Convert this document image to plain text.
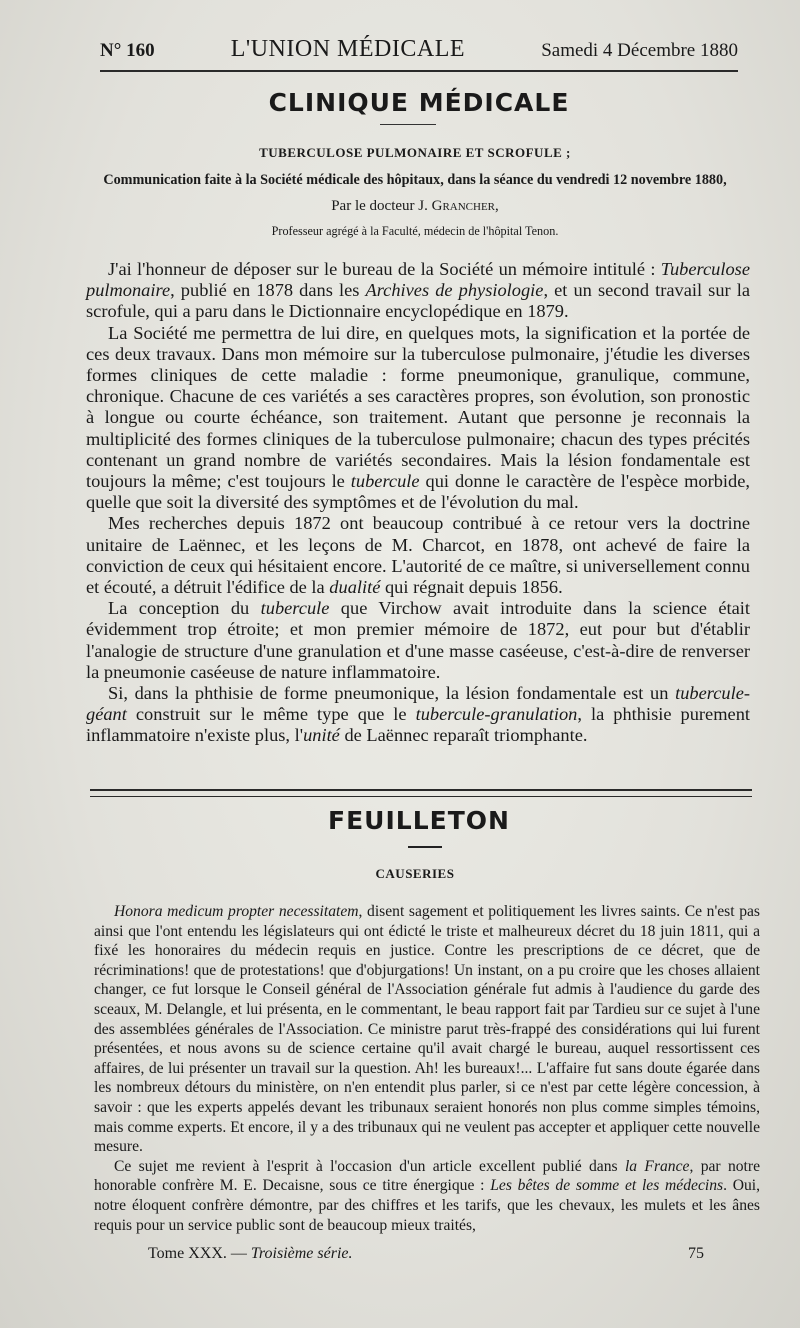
N° 160	L'UNION MÉDICALE	Samedi 4 Décembre 1880
CLINIQUE MÉDICALE
TUBERCULOSE PULMONAIRE ET SCROFULE ;
Communication faite à la Société médicale des hôpitaux, dans la séance du vendredi 12 novembre 1880,
Par le docteur J. Grancher,
Professeur agrégé à la Faculté, médecin de l'hôpital Tenon.

J'ai l'honneur de déposer sur le bureau de la Société un mémoire intitulé : Tuberculose pulmonaire, publié en 1878 dans les Archives de physiologie, et un second travail sur la scrofule, qui a paru dans le Dictionnaire encyclopédique en 1879.

La Société me permettra de lui dire, en quelques mots, la signification et la portée de ces deux travaux. Dans mon mémoire sur la tuberculose pulmonaire, j'étudie les diverses formes cliniques de cette maladie : forme pneumonique, granulique, commune, chronique. Chacune de ces variétés a ses caractères propres, son évolution, son pronostic à longue ou courte échéance, son traitement. Autant que personne je reconnais la multiplicité des formes cliniques de la tuberculose pulmonaire; chacun des types précités contenant un grand nombre de variétés secondaires. Mais la lésion fondamentale est toujours la même; c'est toujours le tubercule qui donne le caractère de l'espèce morbide, quelle que soit la diversité des symptômes et de l'évolution du mal.

Mes recherches depuis 1872 ont beaucoup contribué à ce retour vers la doctrine unitaire de Laënnec, et les leçons de M. Charcot, en 1878, ont achevé de faire la conviction de ceux qui hésitaient encore. L'autorité de ce maître, si universellement connu et écouté, a détruit l'édifice de la dualité qui régnait depuis 1856.

La conception du tubercule que Virchow avait introduite dans la science était évidemment trop étroite; et mon premier mémoire de 1872, eut pour but d'établir l'analogie de structure d'une granulation et d'une masse caséeuse, c'est-à-dire de renverser la pneumonie caséeuse de nature inflammatoire.

Si, dans la phthisie de forme pneumonique, la lésion fondamentale est un tubercule-géant construit sur le même type que le tubercule-granulation, la phthisie purement inflammatoire n'existe plus, l'unité de Laënnec reparaît triomphante.

FEUILLETON
CAUSERIES

Honora medicum propter necessitatem, disent sagement et politiquement les livres saints. Ce n'est pas ainsi que l'ont entendu les législateurs qui ont édicté le triste et malheureux décret du 18 juin 1811, qui a fixé les honoraires du médecin requis en justice. Contre les prescriptions de ce décret, que de récriminations! que de protestations! que d'objurgations! Un instant, on a pu croire que les choses allaient changer, ce fut lorsque le Conseil général de l'Association générale fut admis à l'audience du garde des sceaux, M. Delangle, et lui présenta, en le commentant, le beau rapport fait par Tardieu sur ce sujet à l'une des assemblées générales de l'Association. Ce ministre parut très-frappé des considérations qui lui furent présentées, et nous avons su de science certaine qu'il avait chargé le bureau, auquel ressortissent ces affaires, de lui présenter un travail sur la question. Ah! les bureaux!... L'affaire fut sans doute égarée dans les nombreux détours du ministère, on n'en entendit plus parler, si ce n'est par cette légère concession, à savoir : que les experts appelés devant les tribunaux seraient honorés non plus comme simples témoins, mais comme experts. Et encore, il y a des tribunaux qui ne veulent pas accepter et appliquer cette nouvelle mesure.

Ce sujet me revient à l'esprit à l'occasion d'un article excellent publié dans la France, par notre honorable confrère M. E. Decaisne, sous ce titre énergique : Les bêtes de somme et les médecins. Oui, notre éloquent confrère démontre, par des chiffres et les tarifs, que les chevaux, les mulets et les ânes requis pour un service public sont de beaucoup mieux traités,

Tome XXX. — Troisième série.	75
